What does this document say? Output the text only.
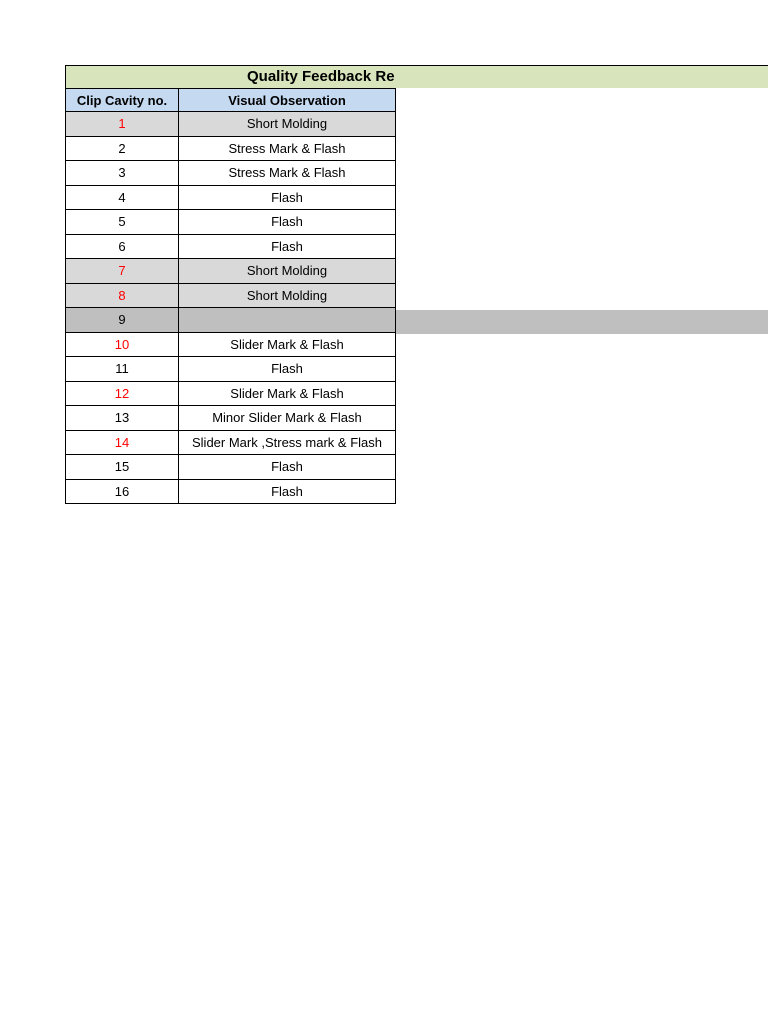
Quality Feedback Re
Clip Cavity no.	Visual Observation
1	Short Molding
2	Stress Mark & Flash
3	Stress Mark & Flash
4	Flash
5	Flash
6	Flash
7	Short Molding
8	Short Molding
9	
10	Slider Mark & Flash
11	Flash
12	Slider Mark & Flash
13	Minor Slider Mark & Flash
14	Slider Mark ,Stress mark & Flash
15	Flash
16	Flash
